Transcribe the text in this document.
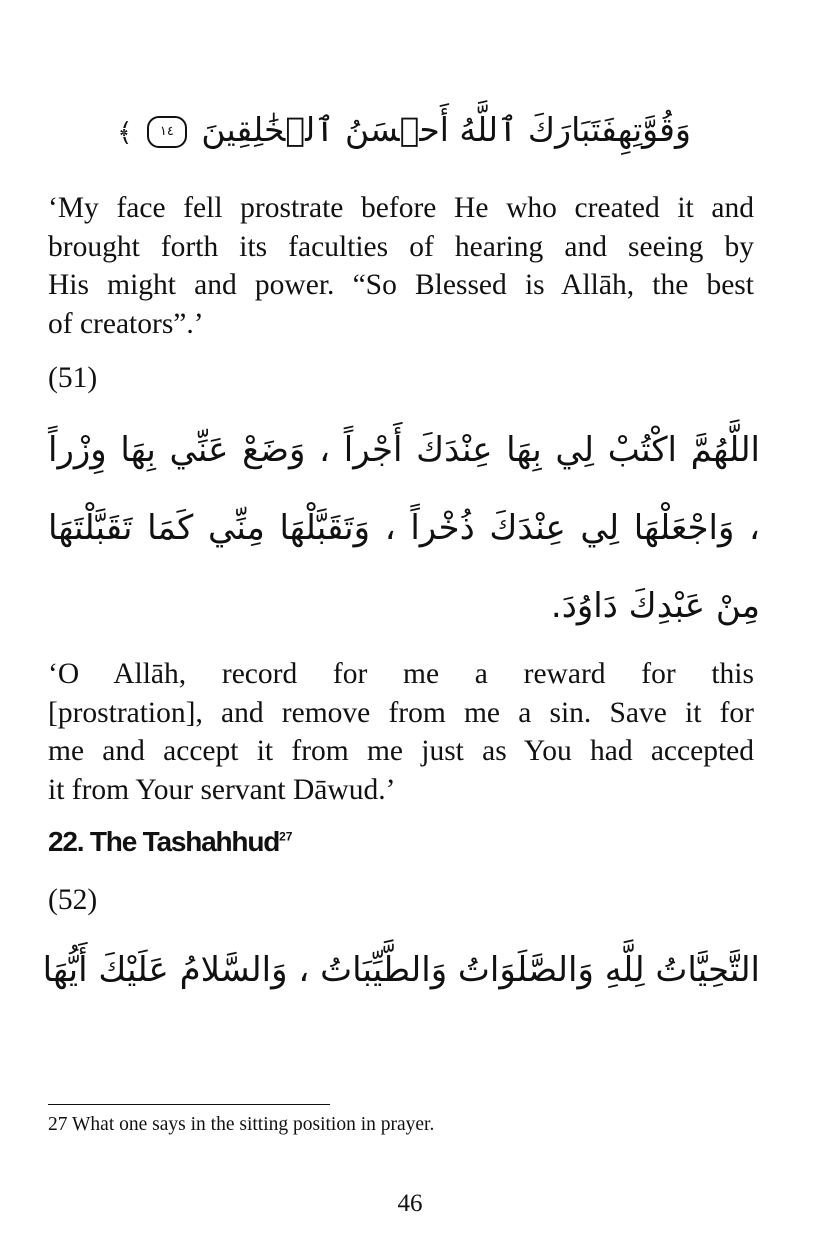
وَقُوَّتِهِفَتَبَارَكَ ٱللَّهُ أَحۡسَنُ ٱلۡخَٰلِقِينَ ١٤ ﴾
‘My face fell prostrate before He who created it and
brought forth its faculties of hearing and seeing by
His might and power. “So Blessed is Allāh, the best
of creators”.’
(51)
اللَّهُمَّ اكْتُبْ لِي بِهَا عِنْدَكَ أَجْراً ، وَضَعْ عَنِّي بِهَا وِزْراً
، وَاجْعَلْهَا لِي عِنْدَكَ ذُخْراً ، وَتَقَبَّلْهَا مِنِّي كَمَا تَقَبَّلْتَهَا
مِنْ عَبْدِكَ دَاوُدَ.
‘O Allāh, record for me a reward for this
[prostration], and remove from me a sin. Save it for
me and accept it from me just as You had accepted
it from Your servant Dāwud.’
22. The Tashahhud$^{27}$
(52)
التَّحِيَّاتُ لِلَّهِ وَالصَّلَوَاتُ وَالطَّيِّبَاتُ ، وَالسَّلامُ عَلَيْكَ أَيُّهَا
27 What one says in the sitting position in prayer.
46
